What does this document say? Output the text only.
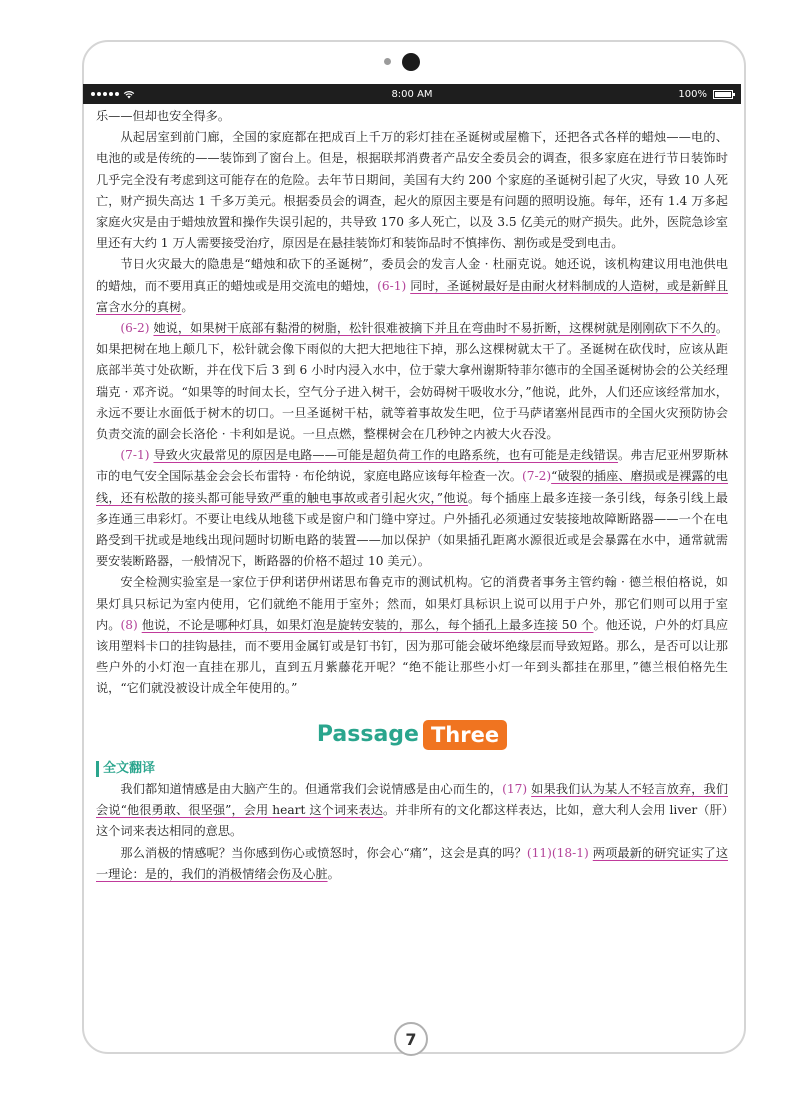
8:00 AM	100%

乐——但却也安全得多。

从起居室到前门廊，全国的家庭都在把成百上千万的彩灯挂在圣诞树或屋檐下，还把各式各样的蜡烛——电的、电池的或是传统的——装饰到了窗台上。但是，根据联邦消费者产品安全委员会的调查，很多家庭在进行节日装饰时几乎完全没有考虑到这可能存在的危险。去年节日期间，美国有大约 200 个家庭的圣诞树引起了火灾，导致 10 人死亡，财产损失高达 1 千多万美元。根据委员会的调查，起火的原因主要是有问题的照明设施。每年，还有 1.4 万多起家庭火灾是由于蜡烛放置和操作失误引起的，共导致 170 多人死亡，以及 3.5 亿美元的财产损失。此外，医院急诊室里还有大约 1 万人需要接受治疗，原因是在悬挂装饰灯和装饰品时不慎摔伤、割伤或是受到电击。

节日火灾最大的隐患是“蜡烛和砍下的圣诞树”，委员会的发言人金 · 杜丽克说。她还说，该机构建议用电池供电的蜡烛，而不要用真正的蜡烛或是用交流电的蜡烛，(6-1) 同时，圣诞树最好是由耐火材料制成的人造树，或是新鲜且富含水分的真树。

(6-2) 她说，如果树干底部有黏滑的树脂，松针很难被摘下并且在弯曲时不易折断，这棵树就是刚刚砍下不久的。如果把树在地上颠几下，松针就会像下雨似的大把大把地往下掉，那么这棵树就太干了。圣诞树在砍伐时，应该从距底部半英寸处砍断，并在伐下后 3 到 6 小时内浸入水中，位于蒙大拿州谢斯特菲尔德市的全国圣诞树协会的公关经理瑞克 · 邓齐说。“如果等的时间太长，空气分子进入树干，会妨碍树干吸收水分，”他说，此外，人们还应该经常加水，永远不要让水面低于树木的切口。一旦圣诞树干枯，就等着事故发生吧，位于马萨诸塞州昆西市的全国火灾预防协会负责交流的副会长洛伦 · 卡利如是说。一旦点燃，整棵树会在几秒钟之内被大火吞没。

(7-1) 导致火灾最常见的原因是电路——可能是超负荷工作的电路系统，也有可能是走线错误。弗吉尼亚州罗斯林市的电气安全国际基金会会长布雷特 · 布伦纳说，家庭电路应该每年检查一次。(7-2)“破裂的插座、磨损或是裸露的电线，还有松散的接头都可能导致严重的触电事故或者引起火灾，”他说。每个插座上最多连接一条引线，每条引线上最多连通三串彩灯。不要让电线从地毯下或是窗户和门缝中穿过。户外插孔必须通过安装接地故障断路器——一个在电路受到干扰或是地线出现问题时切断电路的装置——加以保护（如果插孔距离水源很近或是会暴露在水中，通常就需要安装断路器，一般情况下，断路器的价格不超过 10 美元）。

安全检测实验室是一家位于伊利诺伊州诺思布鲁克市的测试机构。它的消费者事务主管约翰 · 德兰根伯格说，如果灯具只标记为室内使用，它们就绝不能用于室外；然而，如果灯具标识上说可以用于户外，那它们则可以用于室内。(8) 他说，不论是哪种灯具，如果灯泡是旋转安装的，那么，每个插孔上最多连接 50 个。他还说，户外的灯具应该用塑料卡口的挂钩悬挂，而不要用金属钉或是钉书钉，因为那可能会破坏绝缘层而导致短路。那么，是否可以让那些户外的小灯泡一直挂在那儿，直到五月紫藤花开呢？“绝不能让那些小灯一年到头都挂在那里，”德兰根伯格先生说，“它们就没被设计成全年使用的。”

Passage Three
全文翻译

我们都知道情感是由大脑产生的。但通常我们会说情感是由心而生的，(17) 如果我们认为某人不轻言放弃，我们会说“他很勇敢、很坚强”，会用 heart 这个词来表达。并非所有的文化都这样表达，比如，意大利人会用 liver（肝）这个词来表达相同的意思。

那么消极的情感呢？当你感到伤心或愤怒时，你会心“痛”，这会是真的吗？(11)(18-1) 两项最新的研究证实了这一理论：是的，我们的消极情绪会伤及心脏。

7
